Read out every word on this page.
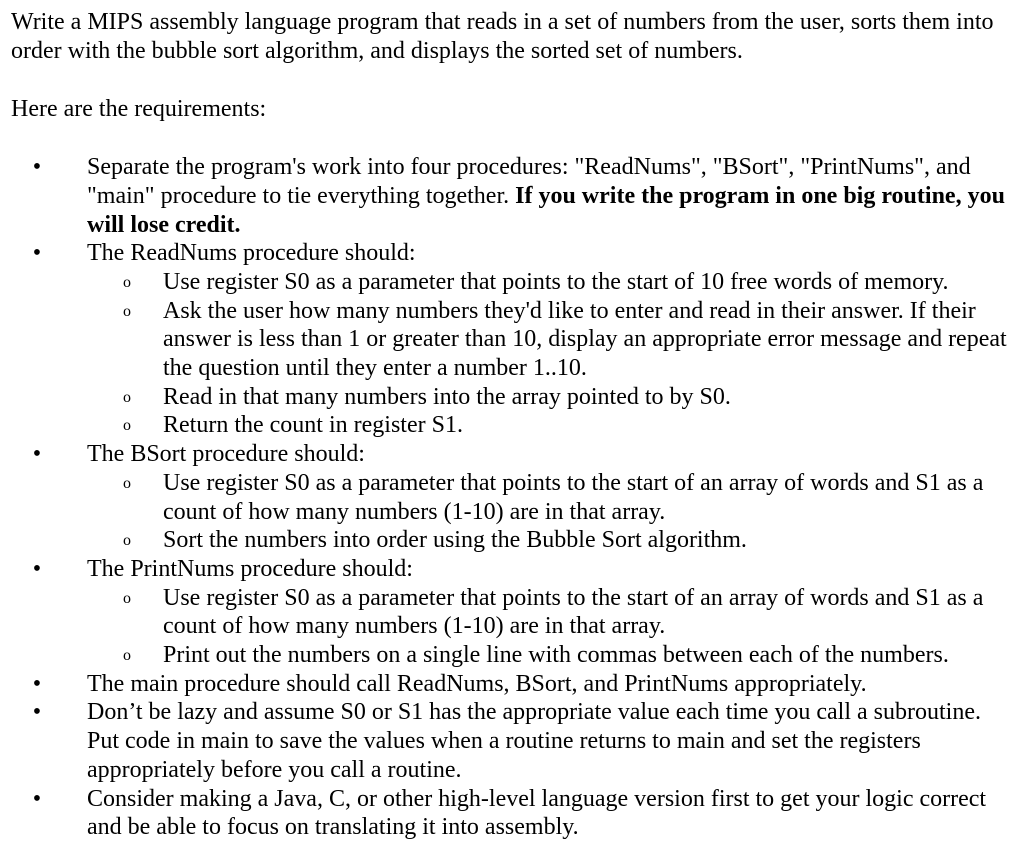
Write a MIPS assembly language program that reads in a set of numbers from the user, sorts them into order with the bubble sort algorithm, and displays the sorted set of numbers.

Here are the requirements:

• Separate the program's work into four procedures: "ReadNums", "BSort", "PrintNums", and "main" procedure to tie everything together. If you write the program in one big routine, you will lose credit.
• The ReadNums procedure should:
o Use register S0 as a parameter that points to the start of 10 free words of memory.
o Ask the user how many numbers they'd like to enter and read in their answer. If their answer is less than 1 or greater than 10, display an appropriate error message and repeat the question until they enter a number 1..10.
o Read in that many numbers into the array pointed to by S0.
o Return the count in register S1.
• The BSort procedure should:
o Use register S0 as a parameter that points to the start of an array of words and S1 as a count of how many numbers (1-10) are in that array.
o Sort the numbers into order using the Bubble Sort algorithm.
• The PrintNums procedure should:
o Use register S0 as a parameter that points to the start of an array of words and S1 as a count of how many numbers (1-10) are in that array.
o Print out the numbers on a single line with commas between each of the numbers.
• The main procedure should call ReadNums, BSort, and PrintNums appropriately.
• Don’t be lazy and assume S0 or S1 has the appropriate value each time you call a subroutine. Put code in main to save the values when a routine returns to main and set the registers appropriately before you call a routine.
• Consider making a Java, C, or other high-level language version first to get your logic correct and be able to focus on translating it into assembly.
